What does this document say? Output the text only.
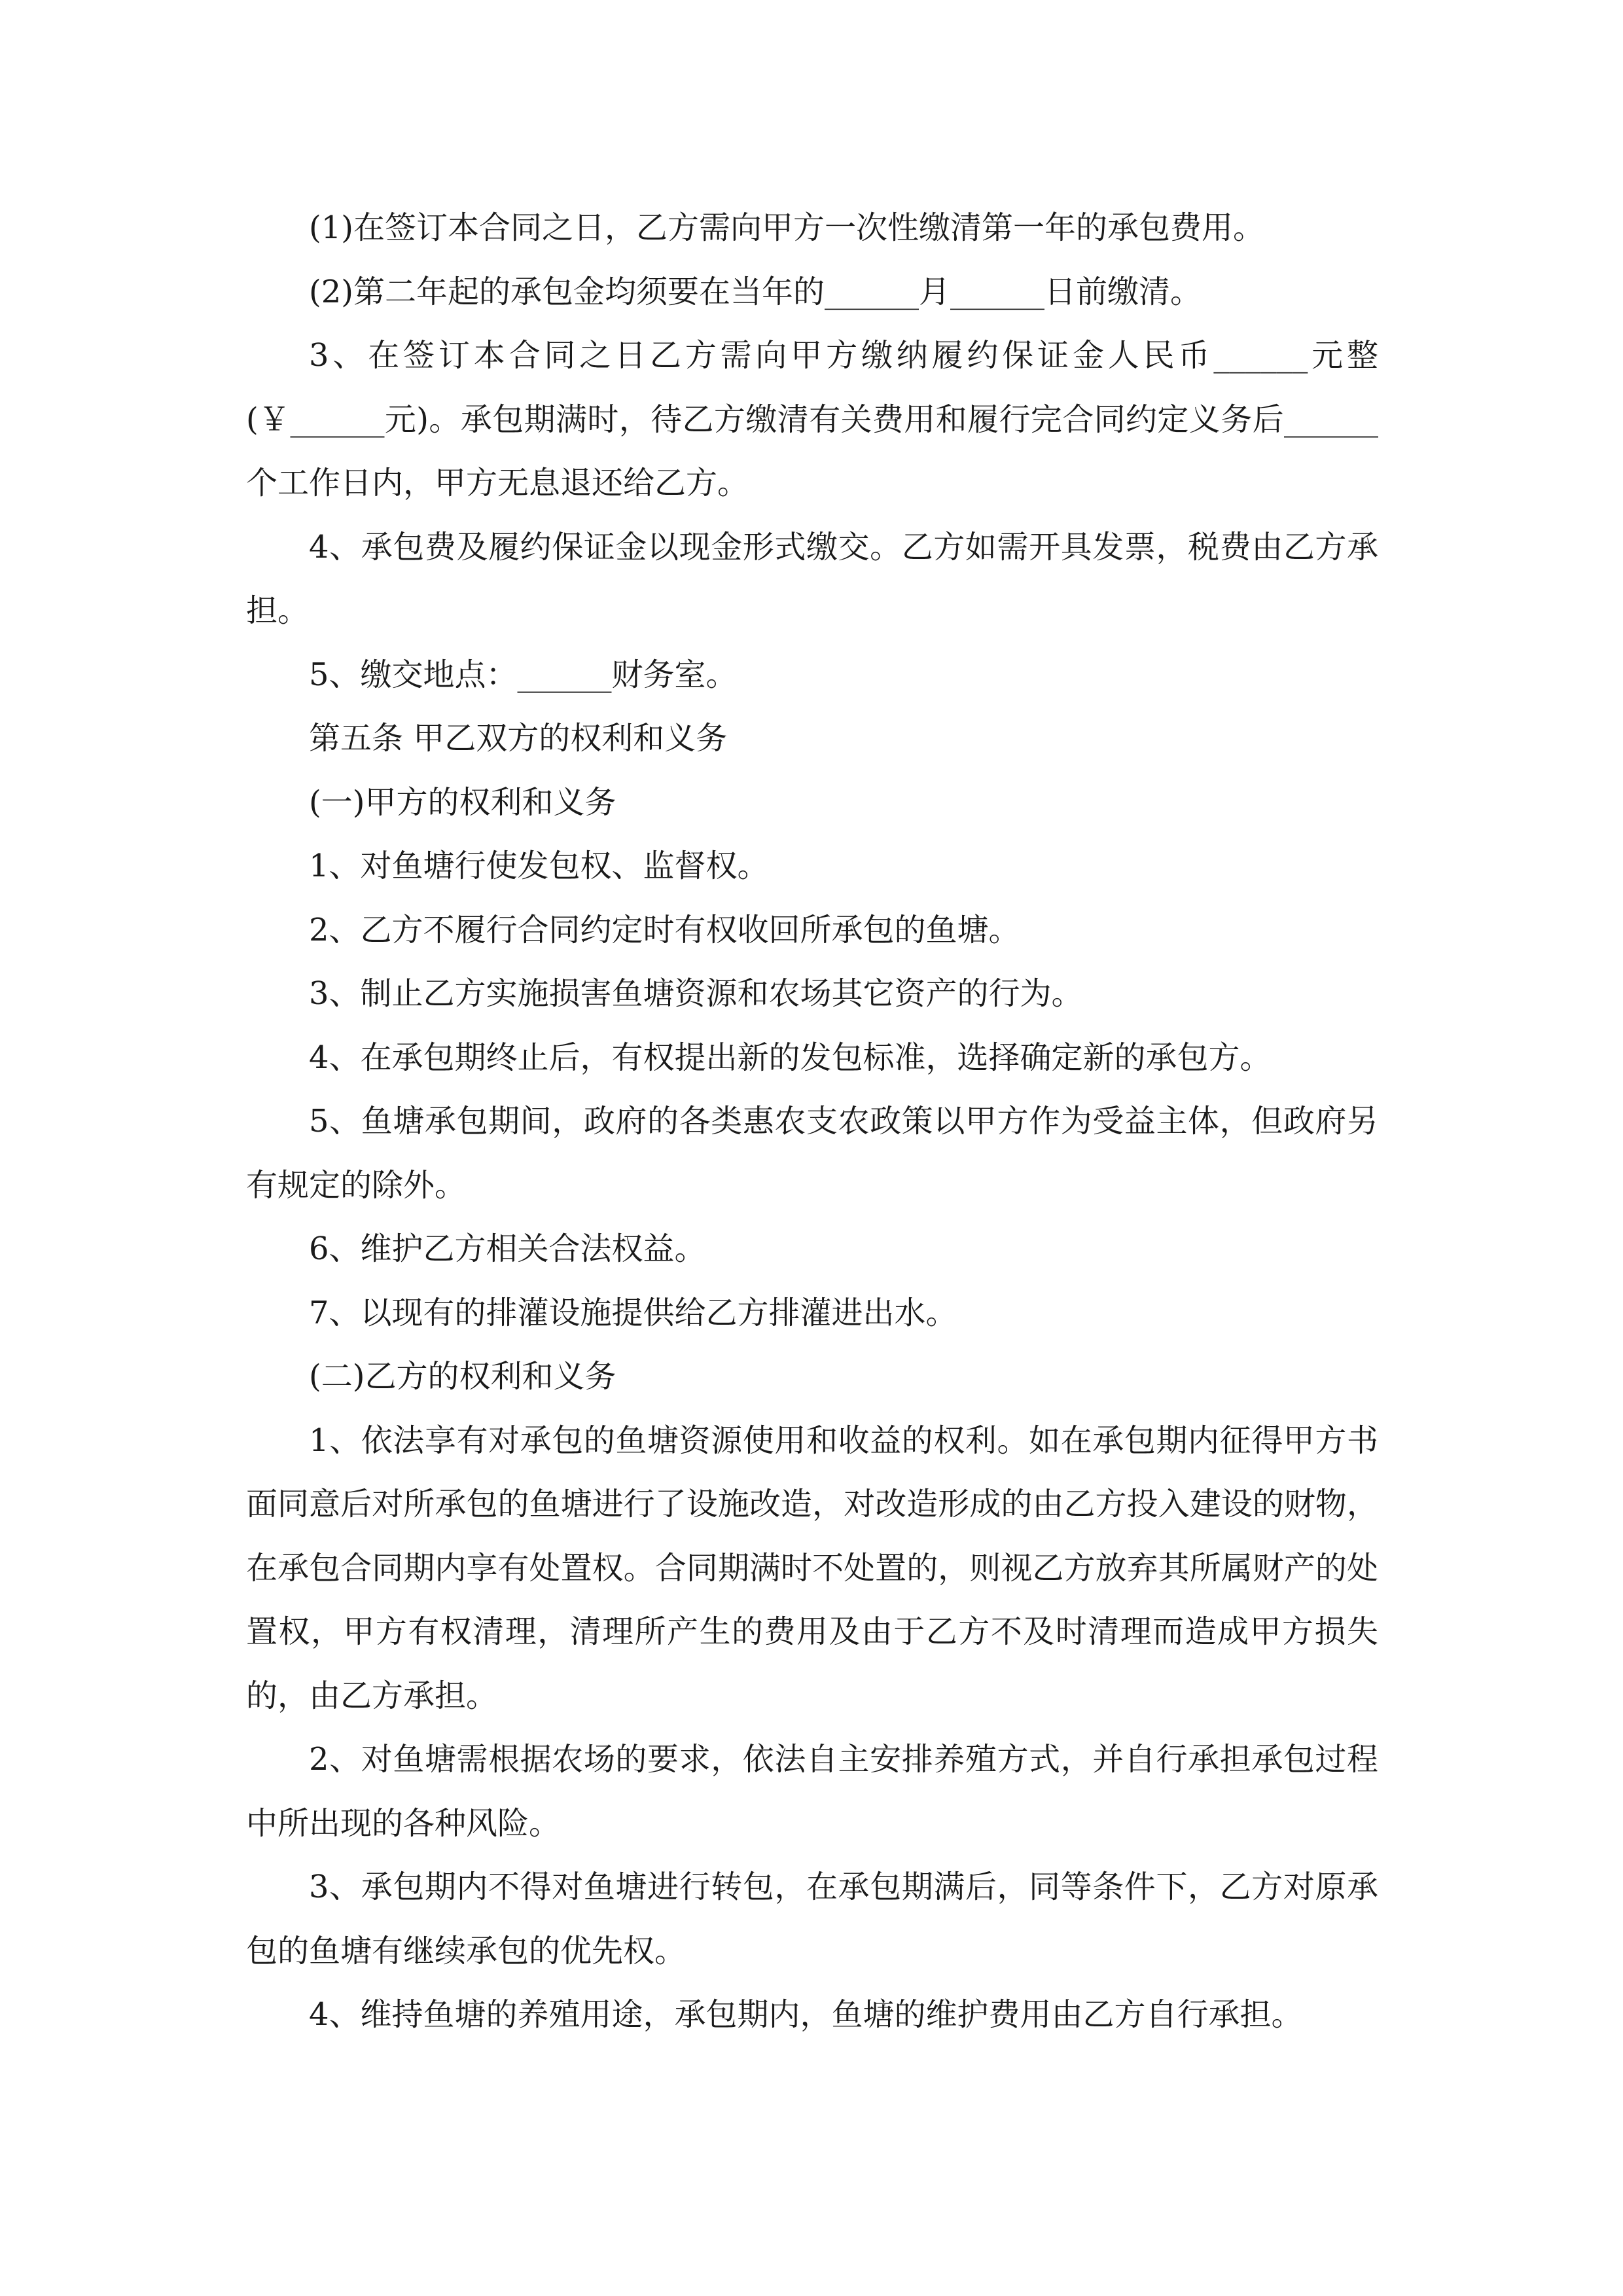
(1)在签订本合同之日，乙方需向甲方一次性缴清第一年的承包费用。

(2)第二年起的承包金均须要在当年的______月______日前缴清。

3、在签订本合同之日乙方需向甲方缴纳履约保证金人民币______元整(￥______元)。承包期满时，待乙方缴清有关费用和履行完合同约定义务后______个工作日内，甲方无息退还给乙方。

4、承包费及履约保证金以现金形式缴交。乙方如需开具发票，税费由乙方承担。

5、缴交地点：______财务室。

第五条 甲乙双方的权利和义务

(一)甲方的权利和义务

1、对鱼塘行使发包权、监督权。

2、乙方不履行合同约定时有权收回所承包的鱼塘。

3、制止乙方实施损害鱼塘资源和农场其它资产的行为。

4、在承包期终止后，有权提出新的发包标准，选择确定新的承包方。

5、鱼塘承包期间，政府的各类惠农支农政策以甲方作为受益主体，但政府另有规定的除外。

6、维护乙方相关合法权益。

7、以现有的排灌设施提供给乙方排灌进出水。

(二)乙方的权利和义务

1、依法享有对承包的鱼塘资源使用和收益的权利。如在承包期内征得甲方书面同意后对所承包的鱼塘进行了设施改造，对改造形成的由乙方投入建设的财物，在承包合同期内享有处置权。合同期满时不处置的，则视乙方放弃其所属财产的处置权，甲方有权清理，清理所产生的费用及由于乙方不及时清理而造成甲方损失的，由乙方承担。

2、对鱼塘需根据农场的要求，依法自主安排养殖方式，并自行承担承包过程中所出现的各种风险。

3、承包期内不得对鱼塘进行转包，在承包期满后，同等条件下，乙方对原承包的鱼塘有继续承包的优先权。

4、维持鱼塘的养殖用途，承包期内，鱼塘的维护费用由乙方自行承担。
